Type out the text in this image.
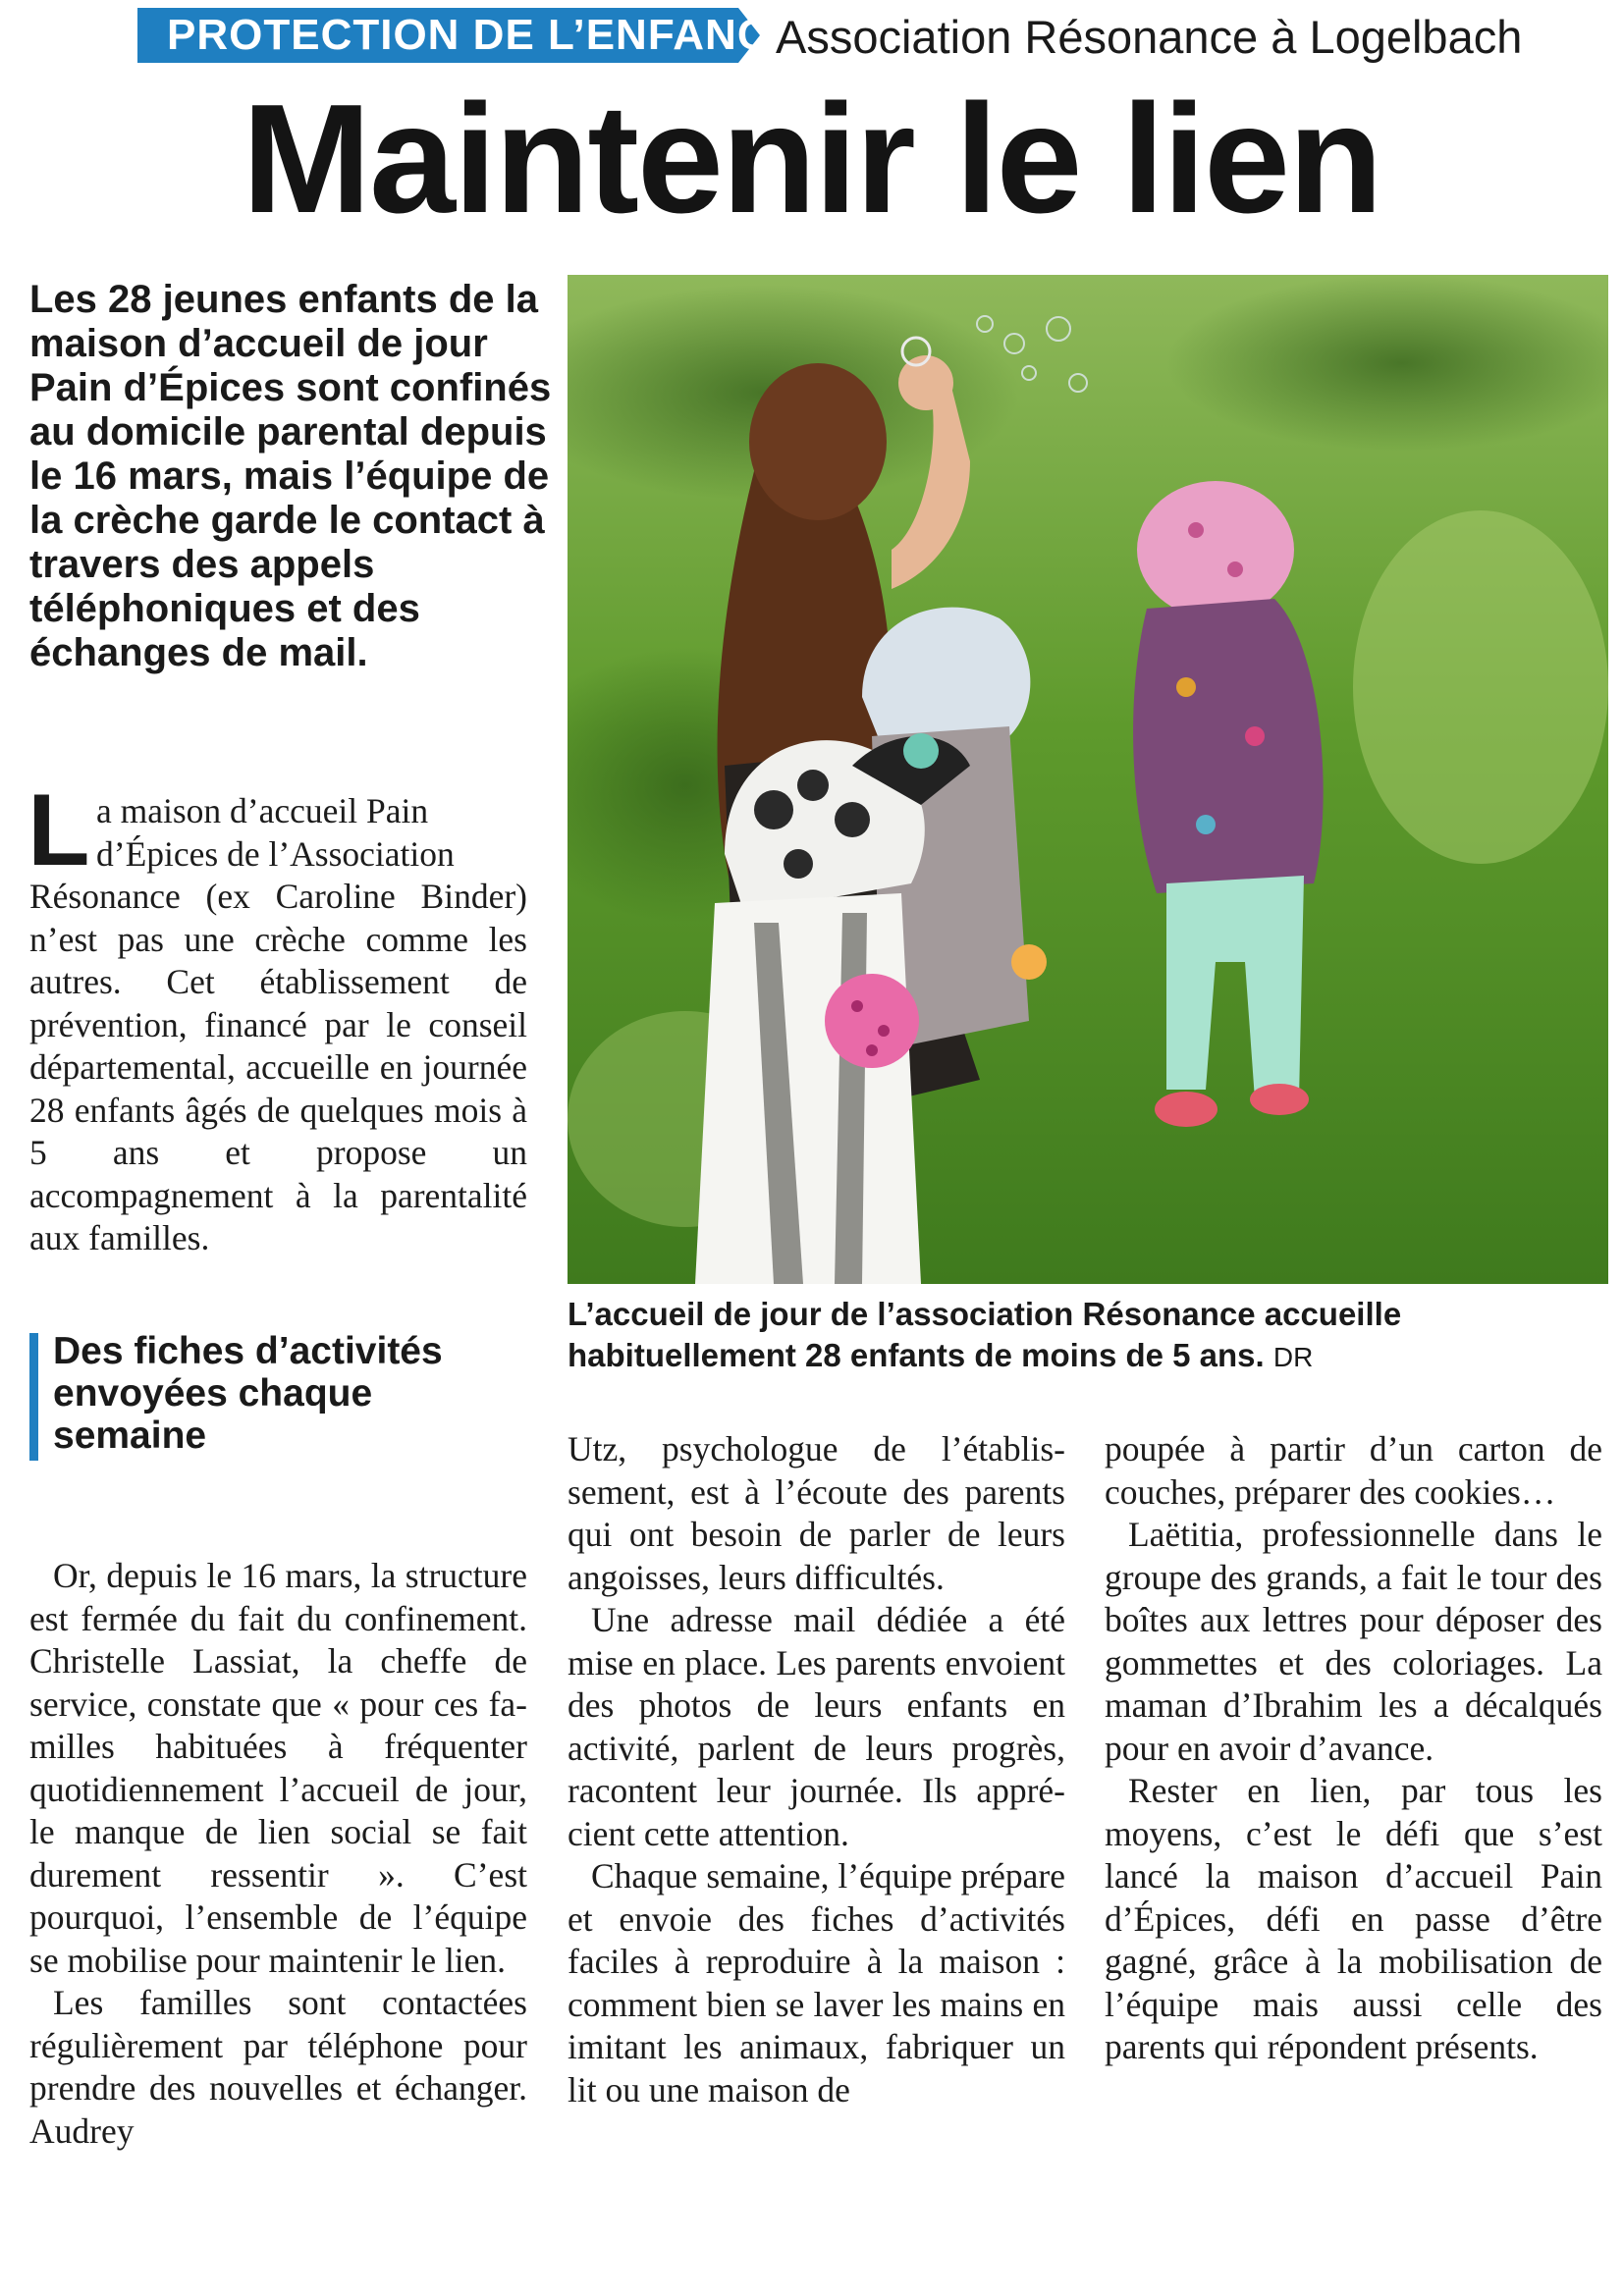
PROTECTION DE L’ENFANCE
Association Résonance à Logelbach
Maintenir le lien

Les 28 jeunes enfants de la maison d’accueil de jour Pain d’Épices sont confinés au domicile parental depuis le 16 mars, mais l’équipe de la crèche garde le contact à travers des appels téléphoniques et des échanges de mail.

L a maison d’accueil Pain
d’Épices de l’Association
Résonance (ex Caroline Binder) n’est pas une crèche comme les autres. Cet établissement de prévention, financé par le conseil départemental, accueille en journée 28 enfants âgés de quelques mois à 5 ans et propose un accompagnement à la parentalité aux familles.

Des fiches d’activités envoyées chaque semaine

Or, depuis le 16 mars, la structure est fermée du fait du confinement. Christelle Lassiat, la cheffe de service, constate que « pour ces familles habituées à fréquenter quotidiennement l’accueil de jour, le manque de lien social se fait durement ressentir ». C’est pourquoi, l’ensemble de l’équipe se mobilise pour maintenir le lien.

Les familles sont contactées régulièrement par téléphone pour prendre des nouvelles et échanger. Audrey

Utz, psychologue de l’établissement, est à l’écoute des parents qui ont besoin de parler de leurs angoisses, leurs difficultés.

Une adresse mail dédiée a été mise en place. Les parents envoient des photos de leurs enfants en activité, parlent de leurs progrès, racontent leur journée. Ils apprécient cette attention.

Chaque semaine, l’équipe prépare et envoie des fiches d’activités faciles à reproduire à la maison : comment bien se laver les mains en imitant les animaux, fabriquer un lit ou une maison de

poupée à partir d’un carton de couches, préparer des cookies…

Laëtitia, professionnelle dans le groupe des grands, a fait le tour des boîtes aux lettres pour déposer des gommettes et des coloriages. La maman d’Ibrahim les a décalqués pour en avoir d’avance.

Rester en lien, par tous les moyens, c’est le défi que s’est lancé la maison d’accueil Pain d’Épices, défi en passe d’être gagné, grâce à la mobilisation de l’équipe mais aussi celle des parents qui répondent présents.

L’accueil de jour de l’association Résonance accueille habituellement 28 enfants de moins de 5 ans. DR
